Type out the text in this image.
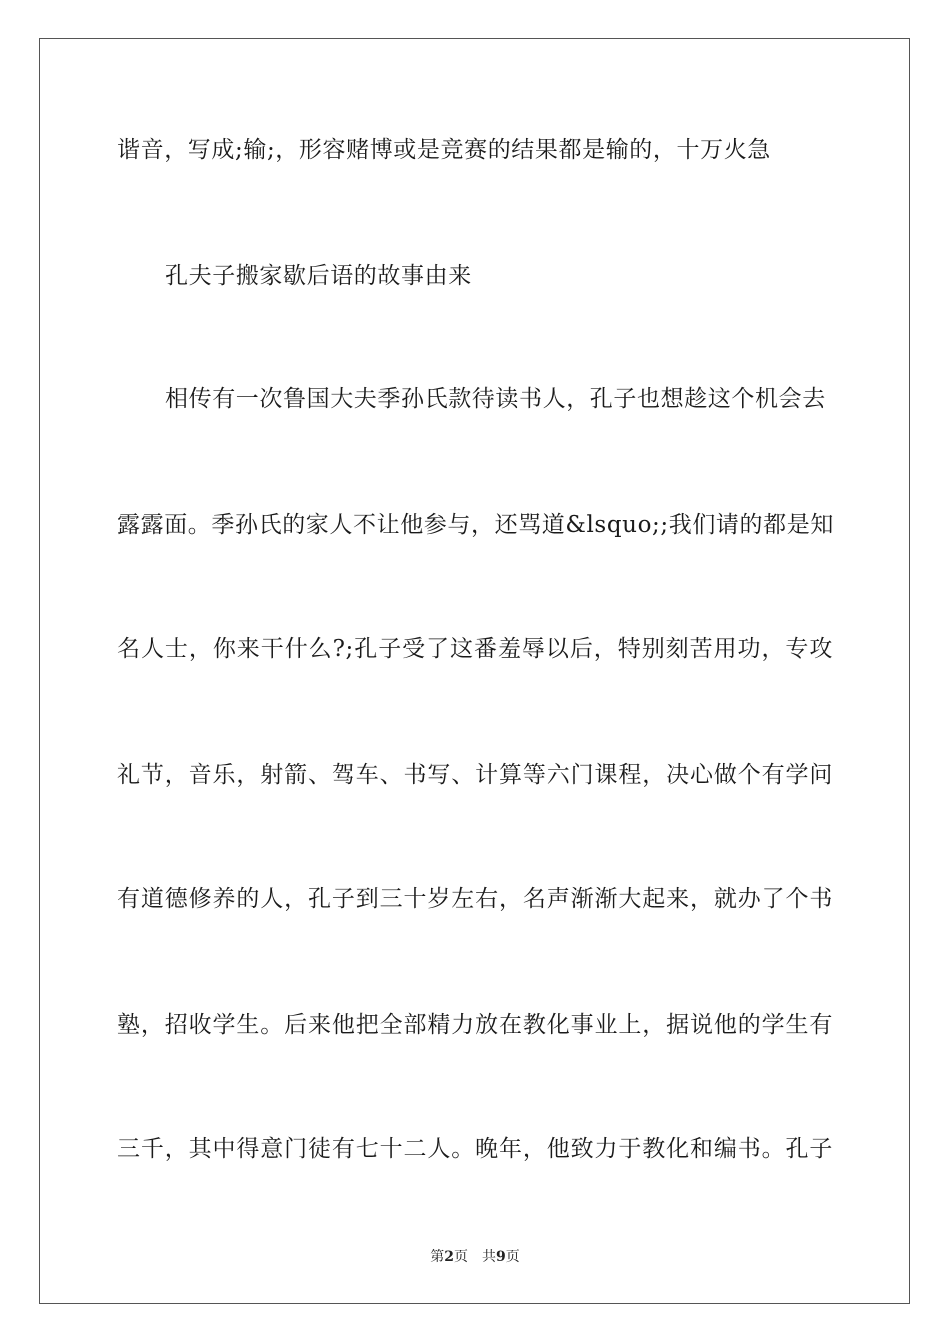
谐音，写成;输;，形容赌博或是竞赛的结果都是输的，十万火急
孔夫子搬家歇后语的故事由来
相传有一次鲁国大夫季孙氏款待读书人，孔子也想趁这个机会去
露露面。季孙氏的家人不让他参与，还骂道&lsquo;;我们请的都是知
名人士，你来干什么?;孔子受了这番羞辱以后，特别刻苦用功，专攻
礼节，音乐，射箭、驾车、书写、计算等六门课程，决心做个有学问
有道德修养的人，孔子到三十岁左右，名声渐渐大起来，就办了个书
塾，招收学生。后来他把全部精力放在教化事业上，据说他的学生有
三千，其中得意门徒有七十二人。晚年，他致力于教化和编书。孔子
第2页　共9页
